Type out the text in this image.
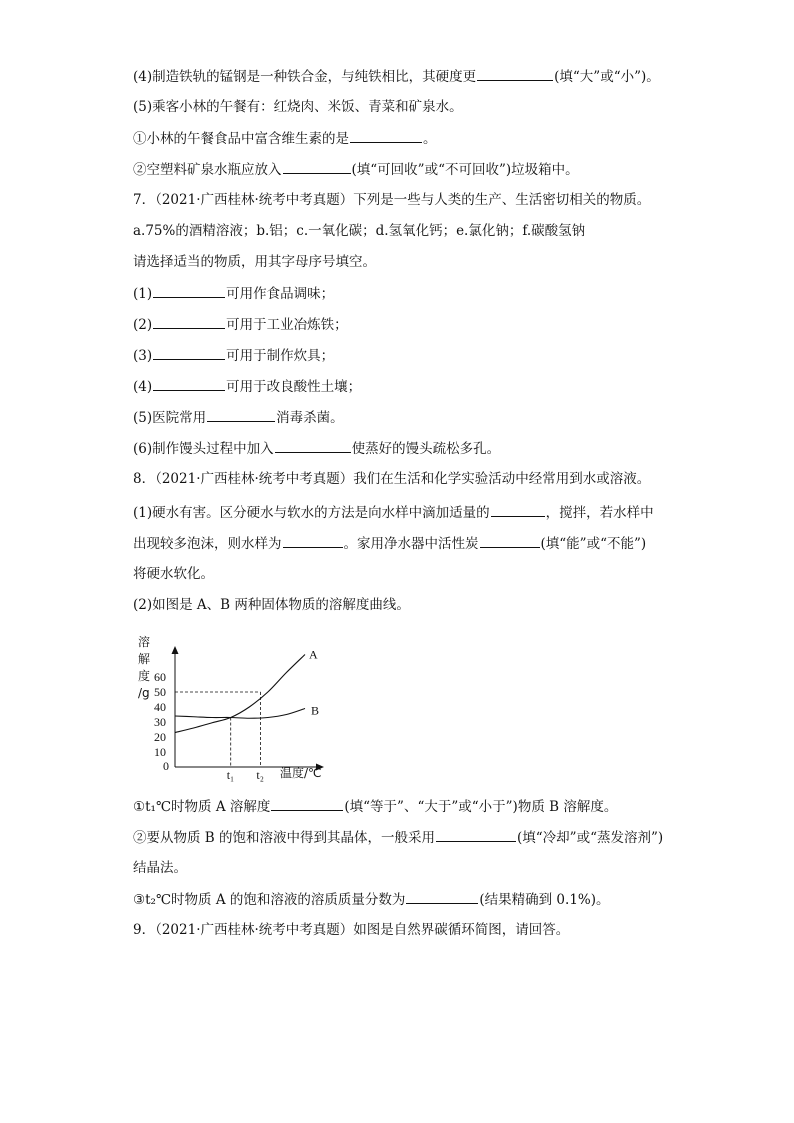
(4)制造铁轨的锰钢是一种铁合金，与纯铁相比，其硬度更	(填“大”或“小”)。
(5)乘客小林的午餐有：红烧肉、米饭、青菜和矿泉水。
①小林的午餐食品中富含维生素的是	。
②空塑料矿泉水瓶应放入	(填“可回收”或“不可回收”)垃圾箱中。
7．（2021·广西桂林·统考中考真题）下列是一些与人类的生产、生活密切相关的物质。
a.75%的酒精溶液；b.铝；c.一氧化碳；d.氢氧化钙；e.氯化钠；f.碳酸氢钠
请选择适当的物质，用其字母序号填空。
(1)	可用作食品调味；
(2)	可用于工业冶炼铁；
(3)	可用于制作炊具；
(4)	可用于改良酸性土壤；
(5)医院常用	消毒杀菌。
(6)制作馒头过程中加入	使蒸好的馒头疏松多孔。
8．（2021·广西桂林·统考中考真题）我们在生活和化学实验活动中经常用到水或溶液。
(1)硬水有害。区分硬水与软水的方法是向水样中滴加适量的	，搅拌，若水样中
出现较多泡沫，则水样为	。家用净水器中活性炭	(填“能”或“不能”)
将硬水软化。
(2)如图是 A、B 两种固体物质的溶解度曲线。
溶
解
度
/g
10
20
30
40
50
60
A
B
t₁ t₂ 温度/℃
0
①t₁℃时物质 A 溶解度	(填“等于”、“大于”或“小于”)物质 B 溶解度。
②要从物质 B 的饱和溶液中得到其晶体，一般采用	(填“冷却”或“蒸发溶剂”)
结晶法。
③t₂℃时物质 A 的饱和溶液的溶质质量分数为	(结果精确到 0.1%)。
9．（2021·广西桂林·统考中考真题）如图是自然界碳循环简图，请回答。
